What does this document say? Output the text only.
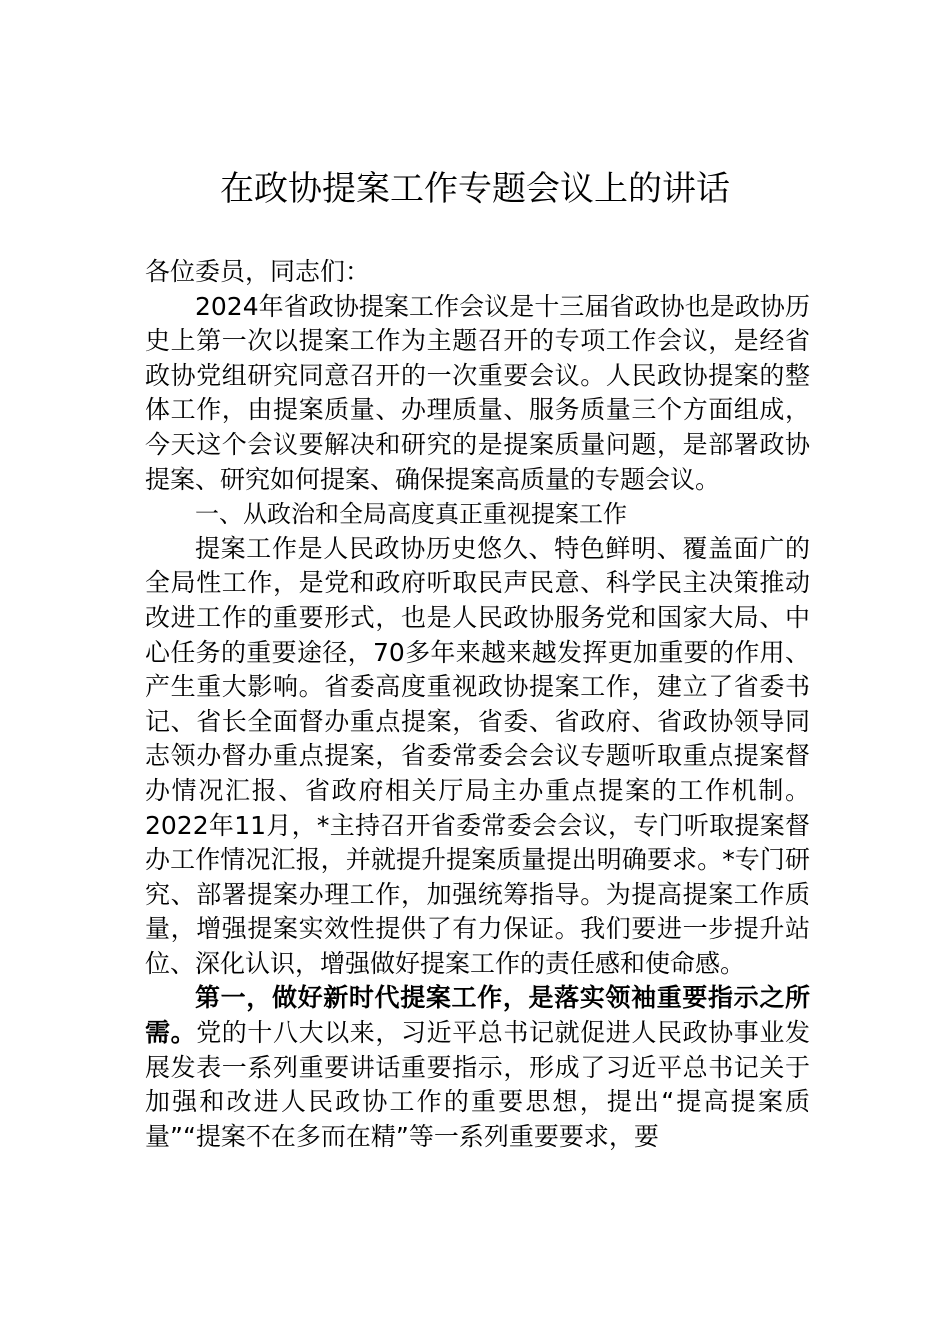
在政协提案工作专题会议上的讲话

各位委员，同志们：

2024年省政协提案工作会议是十三届省政协也是政协历史上第一次以提案工作为主题召开的专项工作会议，是经省政协党组研究同意召开的一次重要会议。人民政协提案的整体工作，由提案质量、办理质量、服务质量三个方面组成，今天这个会议要解决和研究的是提案质量问题，是部署政协提案、研究如何提案、确保提案高质量的专题会议。

一、从政治和全局高度真正重视提案工作

提案工作是人民政协历史悠久、特色鲜明、覆盖面广的全局性工作，是党和政府听取民声民意、科学民主决策推动改进工作的重要形式，也是人民政协服务党和国家大局、中心任务的重要途径，70多年来越来越发挥更加重要的作用、产生重大影响。省委高度重视政协提案工作，建立了省委书记、省长全面督办重点提案，省委、省政府、省政协领导同志领办督办重点提案，省委常委会会议专题听取重点提案督办情况汇报、省政府相关厅局主办重点提案的工作机制。2022年11月，*主持召开省委常委会会议，专门听取提案督办工作情况汇报，并就提升提案质量提出明确要求。*专门研究、部署提案办理工作，加强统筹指导。为提高提案工作质量，增强提案实效性提供了有力保证。我们要进一步提升站位、深化认识，增强做好提案工作的责任感和使命感。

第一，做好新时代提案工作，是落实领袖重要指示之所需。党的十八大以来，习近平总书记就促进人民政协事业发展发表一系列重要讲话重要指示，形成了习近平总书记关于加强和改进人民政协工作的重要思想，提出“提高提案质量”“提案不在多而在精”等一系列重要要求，要
